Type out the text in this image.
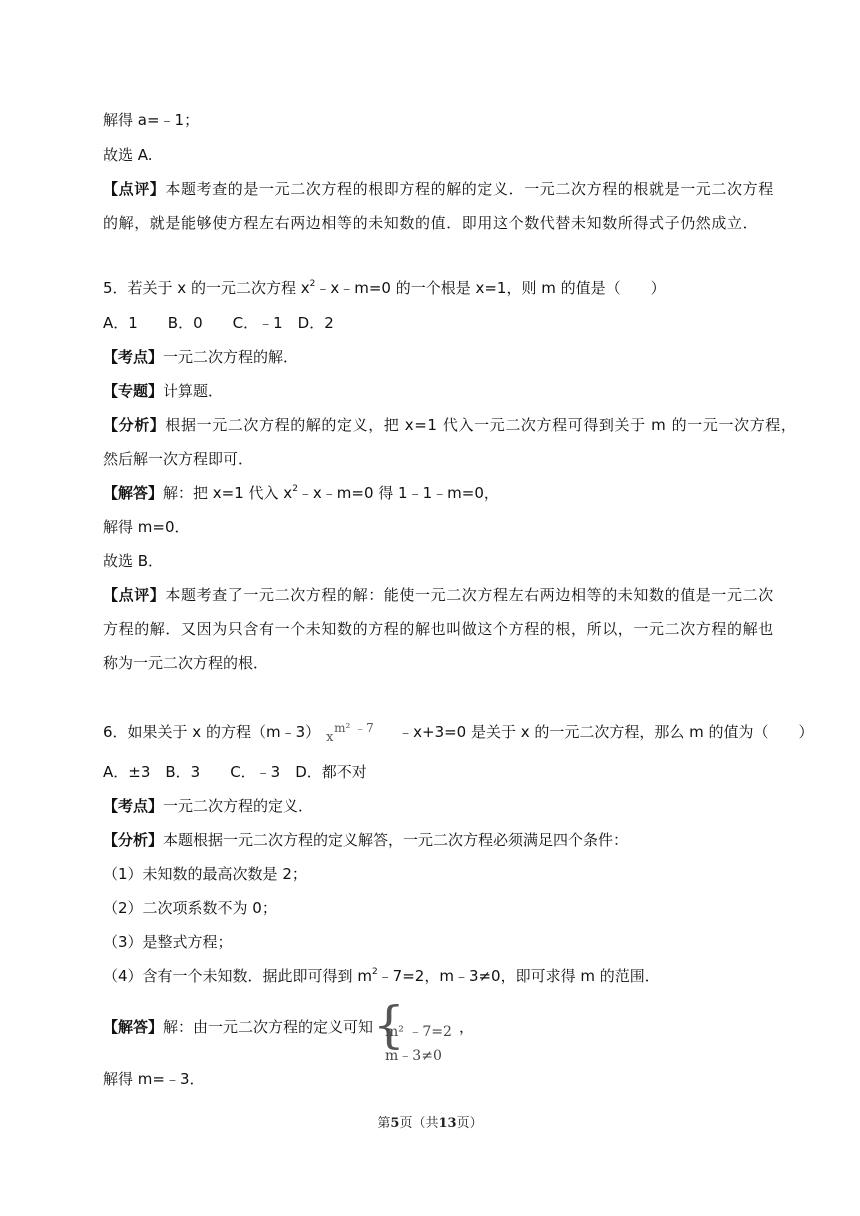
解得 a=﹣1；
故选 A.
【点评】本题考查的是一元二次方程的根即方程的解的定义．一元二次方程的根就是一元二次方程
的解，就是能够使方程左右两边相等的未知数的值．即用这个数代替未知数所得式子仍然成立．
5．若关于 x 的一元二次方程 $x^2﹣x﹣m=0$ 的一个根是 x=1，则 m 的值是（　　）
A．1　　B．0　　C．﹣1　D．2
【考点】一元二次方程的解．
【专题】计算题．
【分析】根据一元二次方程的解的定义，把 x=1 代入一元二次方程可得到关于 m 的一元一次方程，
然后解一次方程即可．
【解答】解：把 x=1 代入 $x^2﹣x﹣m=0$ 得 1﹣1﹣m=0，
解得 m=0．
故选 B．
【点评】本题考查了一元二次方程的解：能使一元二次方程左右两边相等的未知数的值是一元二次
方程的解．又因为只含有一个未知数的方程的解也叫做这个方程的根，所以，一元二次方程的解也
称为一元二次方程的根．
6．如果关于 x 的方程（m﹣3） x
m² ﹣7 ﹣x+3=0 是关于 x 的一元二次方程，那么 m 的值为（　　）
A．±3　B．3　　C．﹣3　D．都不对
【考点】一元二次方程的定义．
【分析】本题根据一元二次方程的定义解答，一元二次方程必须满足四个条件：
（1）未知数的最高次数是 2；
（2）二次项系数不为 0；
（3）是整式方程；
（4）含有一个未知数．据此即可得到 $m^2﹣7=2$，m﹣3≠0，即可求得 m 的范围．
【解答】解：由一元二次方程的定义可知 {
m² ﹣7=2
m﹣3≠0
，
解得 m=﹣3．
第5页（共13页）
